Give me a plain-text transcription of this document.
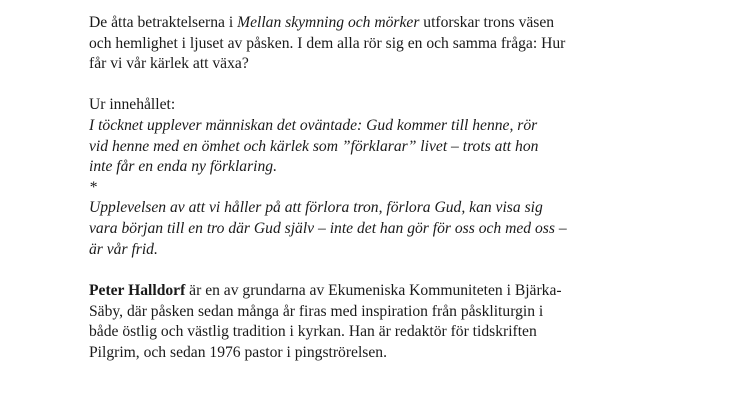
De åtta betraktelserna i Mellan skymning och mörker utforskar trons väsen

och hemlighet i ljuset av påsken. I dem alla rör sig en och samma fråga: Hur

får vi vår kärlek att växa?

Ur innehållet:

I töcknet upplever människan det oväntade: Gud kommer till henne, rör

vid henne med en ömhet och kärlek som ”förklarar” livet – trots att hon

inte får en enda ny förklaring.

*

Upplevelsen av att vi håller på att förlora tron, förlora Gud, kan visa sig

vara början till en tro där Gud själv – inte det han gör för oss och med oss –

är vår frid.

Peter Halldorf är en av grundarna av Ekumeniska Kommuniteten i Bjärka-

Säby, där påsken sedan många år firas med inspiration från påskliturgin i

både östlig och västlig tradition i kyrkan. Han är redaktör för tidskriften

Pilgrim, och sedan 1976 pastor i pingströrelsen.
